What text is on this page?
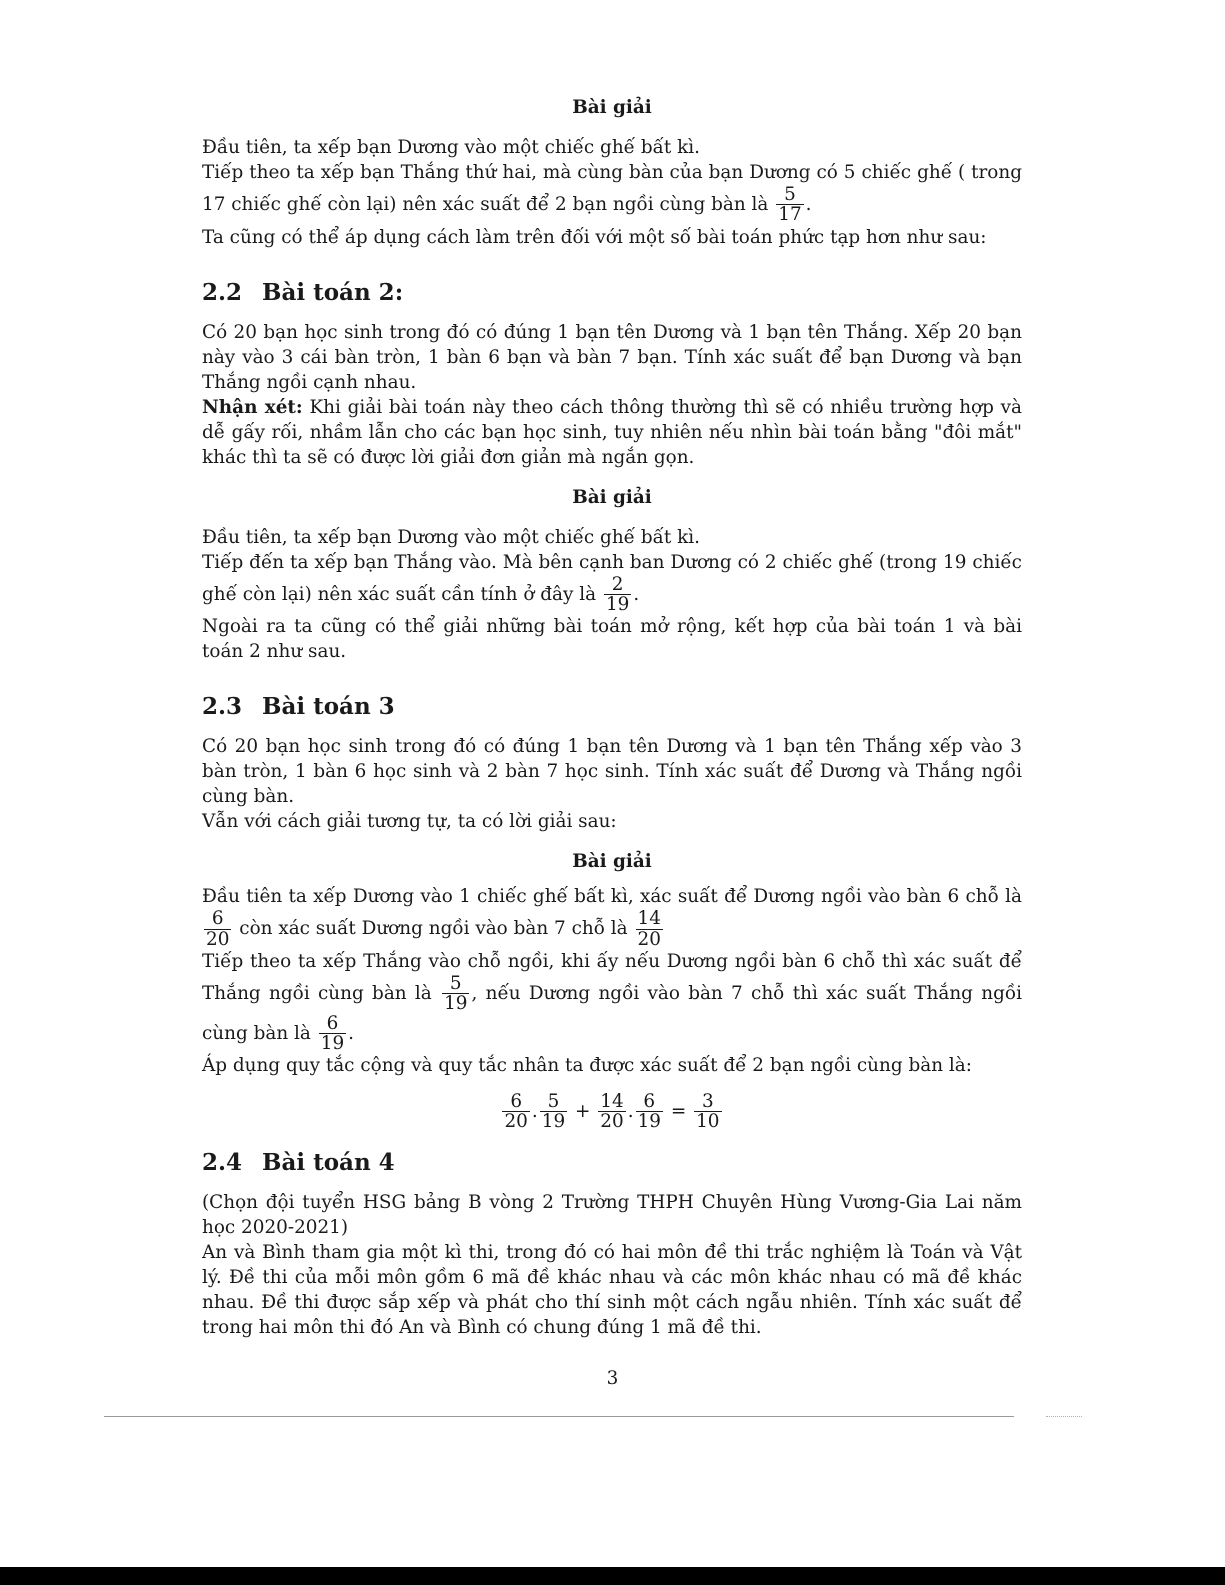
Bài giải

Đầu tiên, ta xếp bạn Dương vào một chiếc ghế bất kì.

Tiếp theo ta xếp bạn Thắng thứ hai, mà cùng bàn của bạn Dương có 5 chiếc ghế ( trong 17 chiếc ghế còn lại) nên xác suất để 2 bạn ngồi cùng bàn là $\frac{5}{17}$ .

Ta cũng có thể áp dụng cách làm trên đối với một số bài toán phức tạp hơn như sau:

2.2 Bài toán 2:

Có 20 bạn học sinh trong đó có đúng 1 bạn tên Dương và 1 bạn tên Thắng. Xếp 20 bạn này vào 3 cái bàn tròn, 1 bàn 6 bạn và bàn 7 bạn. Tính xác suất để bạn Dương và bạn Thắng ngồi cạnh nhau.

Nhận xét: Khi giải bài toán này theo cách thông thường thì sẽ có nhiều trường hợp và dễ gấy rối, nhầm lẫn cho các bạn học sinh, tuy nhiên nếu nhìn bài toán bằng "đôi mắt" khác thì ta sẽ có được lời giải đơn giản mà ngắn gọn.

Bài giải

Đầu tiên, ta xếp bạn Dương vào một chiếc ghế bất kì.

Tiếp đến ta xếp bạn Thắng vào. Mà bên cạnh ban Dương có 2 chiếc ghế (trong 19 chiếc ghế còn lại) nên xác suất cần tính ở đây là $\frac{2}{19}$ .

Ngoài ra ta cũng có thể giải những bài toán mở rộng, kết hợp của bài toán 1 và bài toán 2 như sau.

2.3 Bài toán 3

Có 20 bạn học sinh trong đó có đúng 1 bạn tên Dương và 1 bạn tên Thắng xếp vào 3 bàn tròn, 1 bàn 6 học sinh và 2 bàn 7 học sinh. Tính xác suất để Dương và Thắng ngồi cùng bàn.

Vẫn với cách giải tương tự, ta có lời giải sau:

Bài giải

Đầu tiên ta xếp Dương vào 1 chiếc ghế bất kì, xác suất để Dương ngồi vào bàn 6 chỗ là
$\frac{6}{20}$ còn xác suất Dương ngồi vào bàn 7 chỗ là $\frac{14}{20}$

Tiếp theo ta xếp Thắng vào chỗ ngồi, khi ấy nếu Dương ngồi bàn 6 chỗ thì xác suất để Thắng ngồi cùng bàn là $\frac{5}{19}$ , nếu Dương ngồi vào bàn 7 chỗ thì xác suất Thắng ngồi cùng bàn là $\frac{6}{19}$ .

Áp dụng quy tắc cộng và quy tắc nhân ta được xác suất để 2 bạn ngồi cùng bàn là:

$\frac{6}{20}$ . $\frac{5}{19} + \frac{14}{20}$ . $\frac{6}{19} = \frac{3}{10}$
2.4 Bài toán 4

(Chọn đội tuyển HSG bảng B vòng 2 Trường THPH Chuyên Hùng Vương-Gia Lai năm học 2020-2021)

An và Bình tham gia một kì thi, trong đó có hai môn đề thi trắc nghiệm là Toán và Vật lý. Đề thi của mỗi môn gồm 6 mã đề khác nhau và các môn khác nhau có mã đề khác nhau. Đề thi được sắp xếp và phát cho thí sinh một cách ngẫu nhiên. Tính xác suất để trong hai môn thi đó An và Bình có chung đúng 1 mã đề thi.

3
